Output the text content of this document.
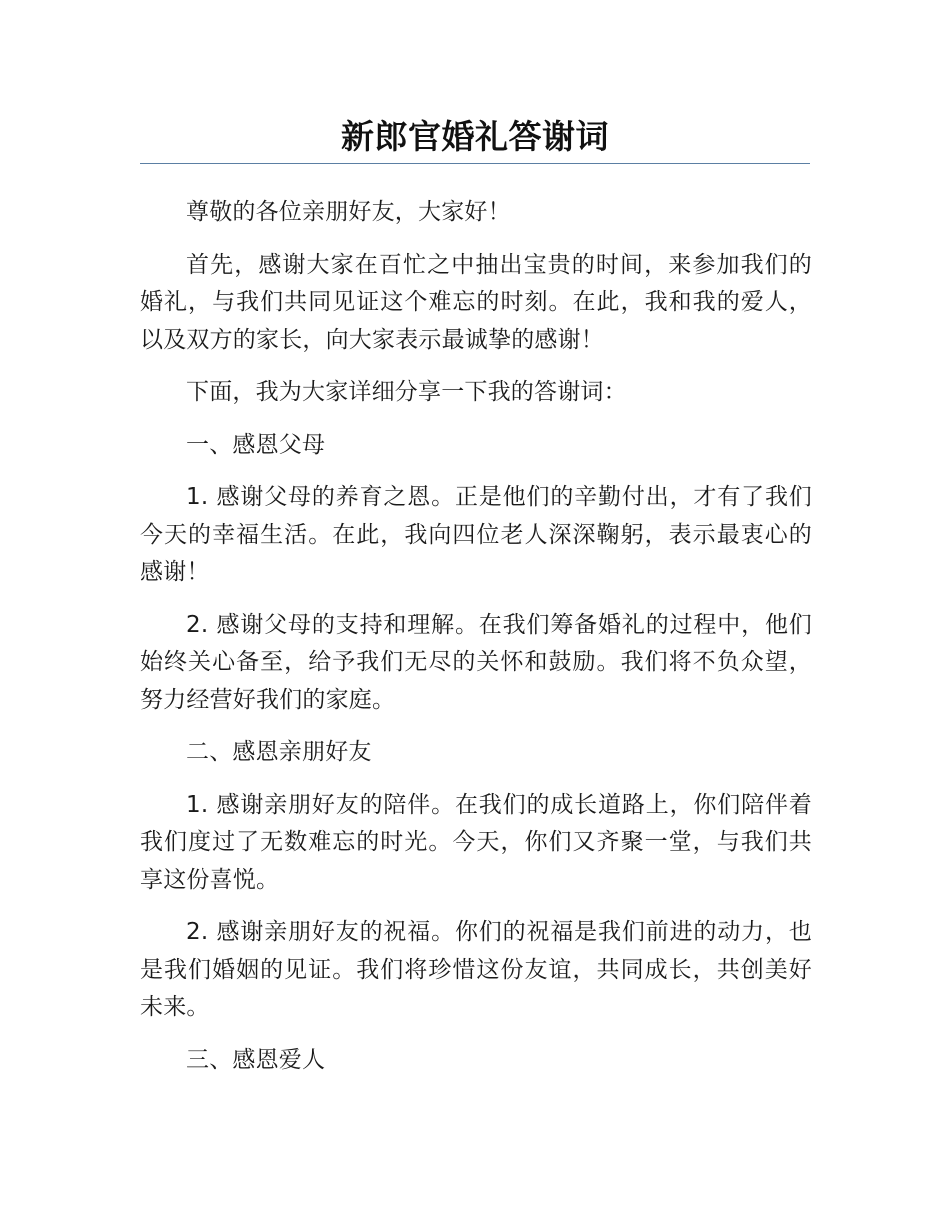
新郎官婚礼答谢词

尊敬的各位亲朋好友，大家好！

首先，感谢大家在百忙之中抽出宝贵的时间，来参加我们的婚礼，与我们共同见证这个难忘的时刻。在此，我和我的爱人，以及双方的家长，向大家表示最诚挚的感谢！

下面，我为大家详细分享一下我的答谢词：

一、感恩父母

1. 感谢父母的养育之恩。正是他们的辛勤付出，才有了我们今天的幸福生活。在此，我向四位老人深深鞠躬，表示最衷心的感谢！

2. 感谢父母的支持和理解。在我们筹备婚礼的过程中，他们始终关心备至，给予我们无尽的关怀和鼓励。我们将不负众望，努力经营好我们的家庭。

二、感恩亲朋好友

1. 感谢亲朋好友的陪伴。在我们的成长道路上，你们陪伴着我们度过了无数难忘的时光。今天，你们又齐聚一堂，与我们共享这份喜悦。

2. 感谢亲朋好友的祝福。你们的祝福是我们前进的动力，也是我们婚姻的见证。我们将珍惜这份友谊，共同成长，共创美好未来。

三、感恩爱人
